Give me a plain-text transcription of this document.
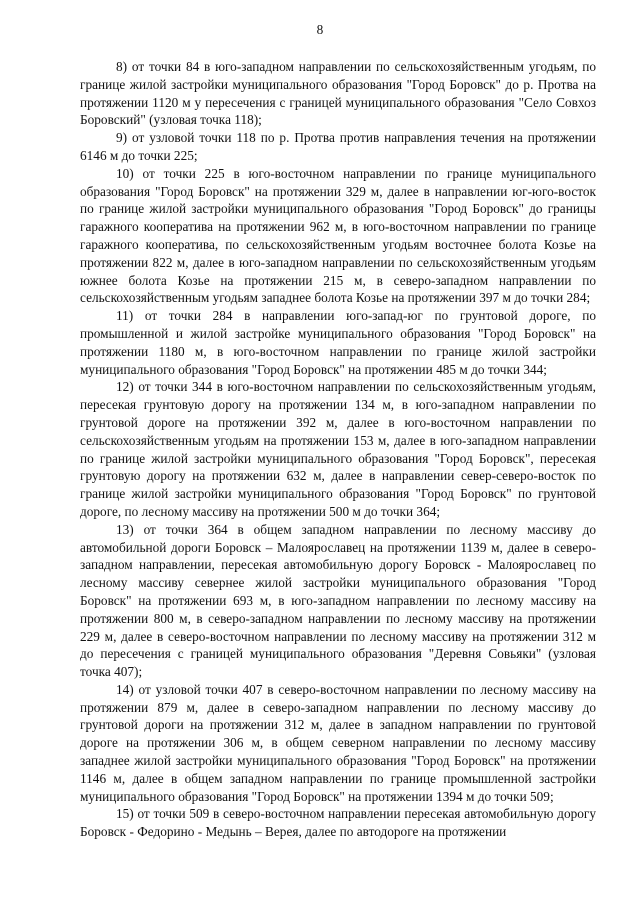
8

8) от точки 84 в юго-западном направлении по сельскохозяйственным угодьям, по границе жилой застройки муниципального образования "Город Боровск" до р. Протва на протяжении 1120 м у пересечения с границей муниципального образования "Село Совхоз Боровский" (узловая точка 118);

9) от узловой точки 118 по р. Протва против направления течения на протяжении 6146 м до точки 225;

10) от точки 225 в юго-восточном направлении по границе муниципального образования "Город Боровск" на протяжении 329 м, далее в направлении юг-юго-восток по границе жилой застройки муниципального образования "Город Боровск" до границы гаражного кооператива на протяжении 962 м, в юго-восточном направлении по границе гаражного кооператива, по сельскохозяйственным угодьям восточнее болота Козье на протяжении 822 м, далее в юго-западном направлении по сельскохозяйственным угодьям южнее болота Козье на протяжении 215 м, в северо-западном направлении по сельскохозяйственным угодьям западнее болота Козье на протяжении 397 м до точки 284;

11) от точки 284 в направлении юго-запад-юг по грунтовой дороге, по промышленной и жилой застройке муниципального образования "Город Боровск" на протяжении 1180 м, в юго-восточном направлении по границе жилой застройки муниципального образования "Город Боровск" на протяжении 485 м до точки 344;

12) от точки 344 в юго-восточном направлении по сельскохозяйственным угодьям, пересекая грунтовую дорогу на протяжении 134 м, в юго-западном направлении по грунтовой дороге на протяжении 392 м, далее в юго-восточном направлении по сельскохозяйственным угодьям на протяжении 153 м, далее в юго-западном направлении по границе жилой застройки муниципального образования "Город Боровск", пересекая грунтовую дорогу на протяжении 632 м, далее в направлении север-северо-восток по границе жилой застройки муниципального образования "Город Боровск" по грунтовой дороге, по лесному массиву на протяжении 500 м до точки 364;

13) от точки 364 в общем западном направлении по лесному массиву до автомобильной дороги Боровск – Малоярославец на протяжении 1139 м, далее в северо-западном направлении, пересекая автомобильную дорогу Боровск - Малоярославец по лесному массиву севернее жилой застройки муниципального образования "Город Боровск" на протяжении 693 м, в юго-западном направлении по лесному массиву на протяжении 800 м, в северо-западном направлении по лесному массиву на протяжении 229 м, далее в северо-восточном направлении по лесному массиву на протяжении 312 м до пересечения с границей муниципального образования "Деревня Совьяки" (узловая точка 407);

14) от узловой точки 407 в северо-восточном направлении по лесному массиву на протяжении 879 м, далее в северо-западном направлении по лесному массиву до грунтовой дороги на протяжении 312 м, далее в западном направлении по грунтовой дороге на протяжении 306 м, в общем северном направлении по лесному массиву западнее жилой застройки муниципального образования "Город Боровск" на протяжении 1146 м, далее в общем западном направлении по границе промышленной застройки муниципального образования "Город Боровск" на протяжении 1394 м до точки 509;

15) от точки 509 в северо-восточном направлении пересекая автомобильную дорогу Боровск - Федорино - Медынь – Верея, далее по автодороге на протяжении
